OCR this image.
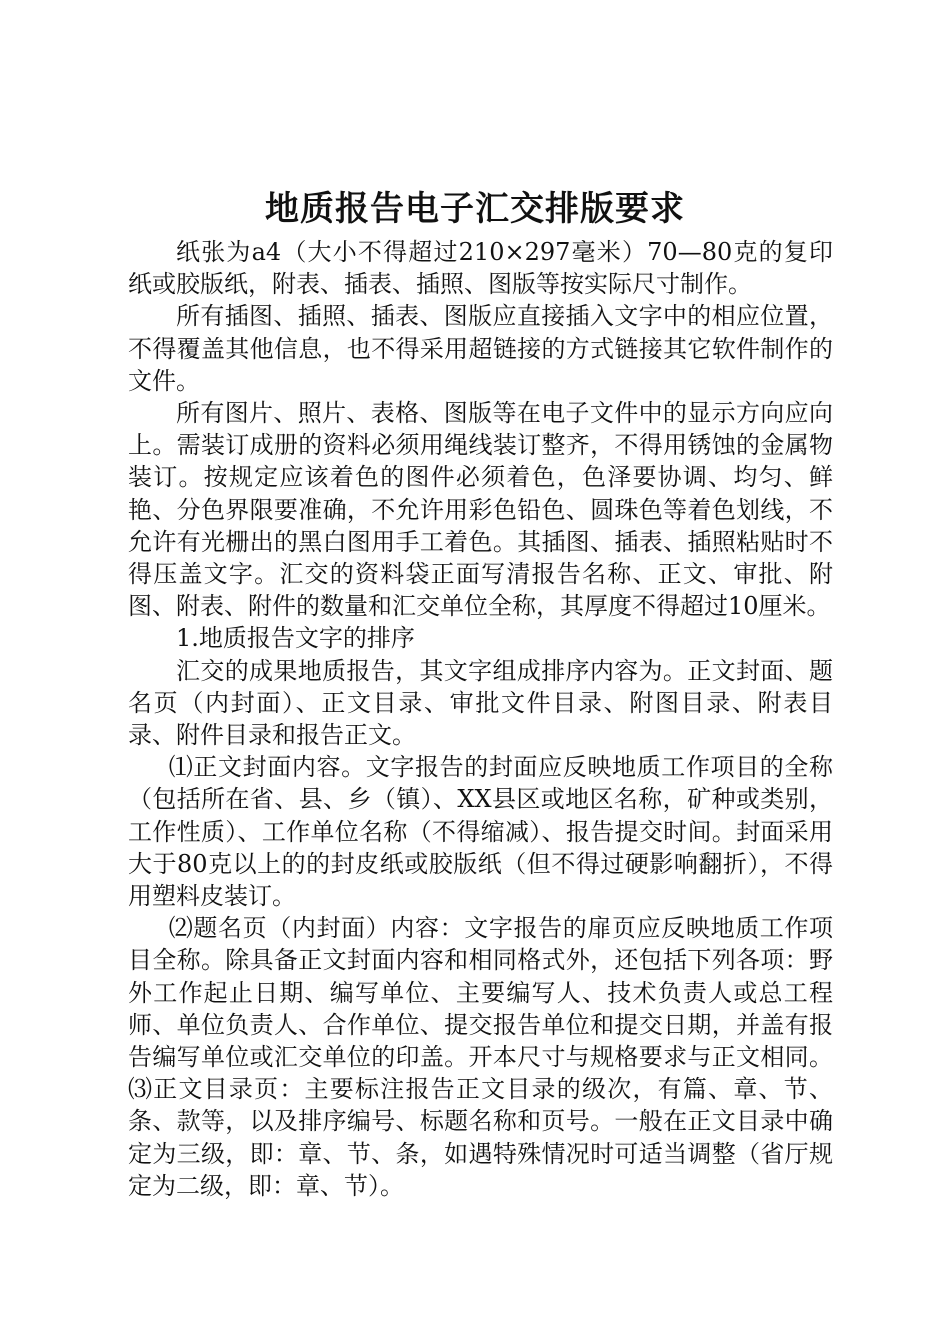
地质报告电子汇交排版要求

纸张为a4（大小不得超过210×297毫米）70—80克的复印纸或胶版纸，附表、插表、插照、图版等按实际尺寸制作。

所有插图、插照、插表、图版应直接插入文字中的相应位置，不得覆盖其他信息，也不得采用超链接的方式链接其它软件制作的文件。

所有图片、照片、表格、图版等在电子文件中的显示方向应向上。需装订成册的资料必须用绳线装订整齐，不得用锈蚀的金属物装订。按规定应该着色的图件必须着色，色泽要协调、均匀、鲜艳、分色界限要准确，不允许用彩色铅色、圆珠色等着色划线，不允许有光栅出的黑白图用手工着色。其插图、插表、插照粘贴时不得压盖文字。汇交的资料袋正面写清报告名称、正文、审批、附图、附表、附件的数量和汇交单位全称，其厚度不得超过10厘米。

1.地质报告文字的排序

汇交的成果地质报告，其文字组成排序内容为。正文封面、题名页（内封面）、正文目录、审批文件目录、附图目录、附表目录、附件目录和报告正文。

⑴正文封面内容。文字报告的封面应反映地质工作项目的全称（包括所在省、县、乡（镇）、XX县区或地区名称，矿种或类别，工作性质）、工作单位名称（不得缩减）、报告提交时间。封面采用大于80克以上的的封皮纸或胶版纸（但不得过硬影响翻折），不得用塑料皮装订。

⑵题名页（内封面）内容：文字报告的扉页应反映地质工作项目全称。除具备正文封面内容和相同格式外，还包括下列各项：野外工作起止日期、编写单位、主要编写人、技术负责人或总工程师、单位负责人、合作单位、提交报告单位和提交日期，并盖有报告编写单位或汇交单位的印盖。开本尺寸与规格要求与正文相同。⑶正文目录页：主要标注报告正文目录的级次，有篇、章、节、条、款等，以及排序编号、标题名称和页号。一般在正文目录中确定为三级，即：章、节、条，如遇特殊情况时可适当调整（省厅规定为二级，即：章、节）。
